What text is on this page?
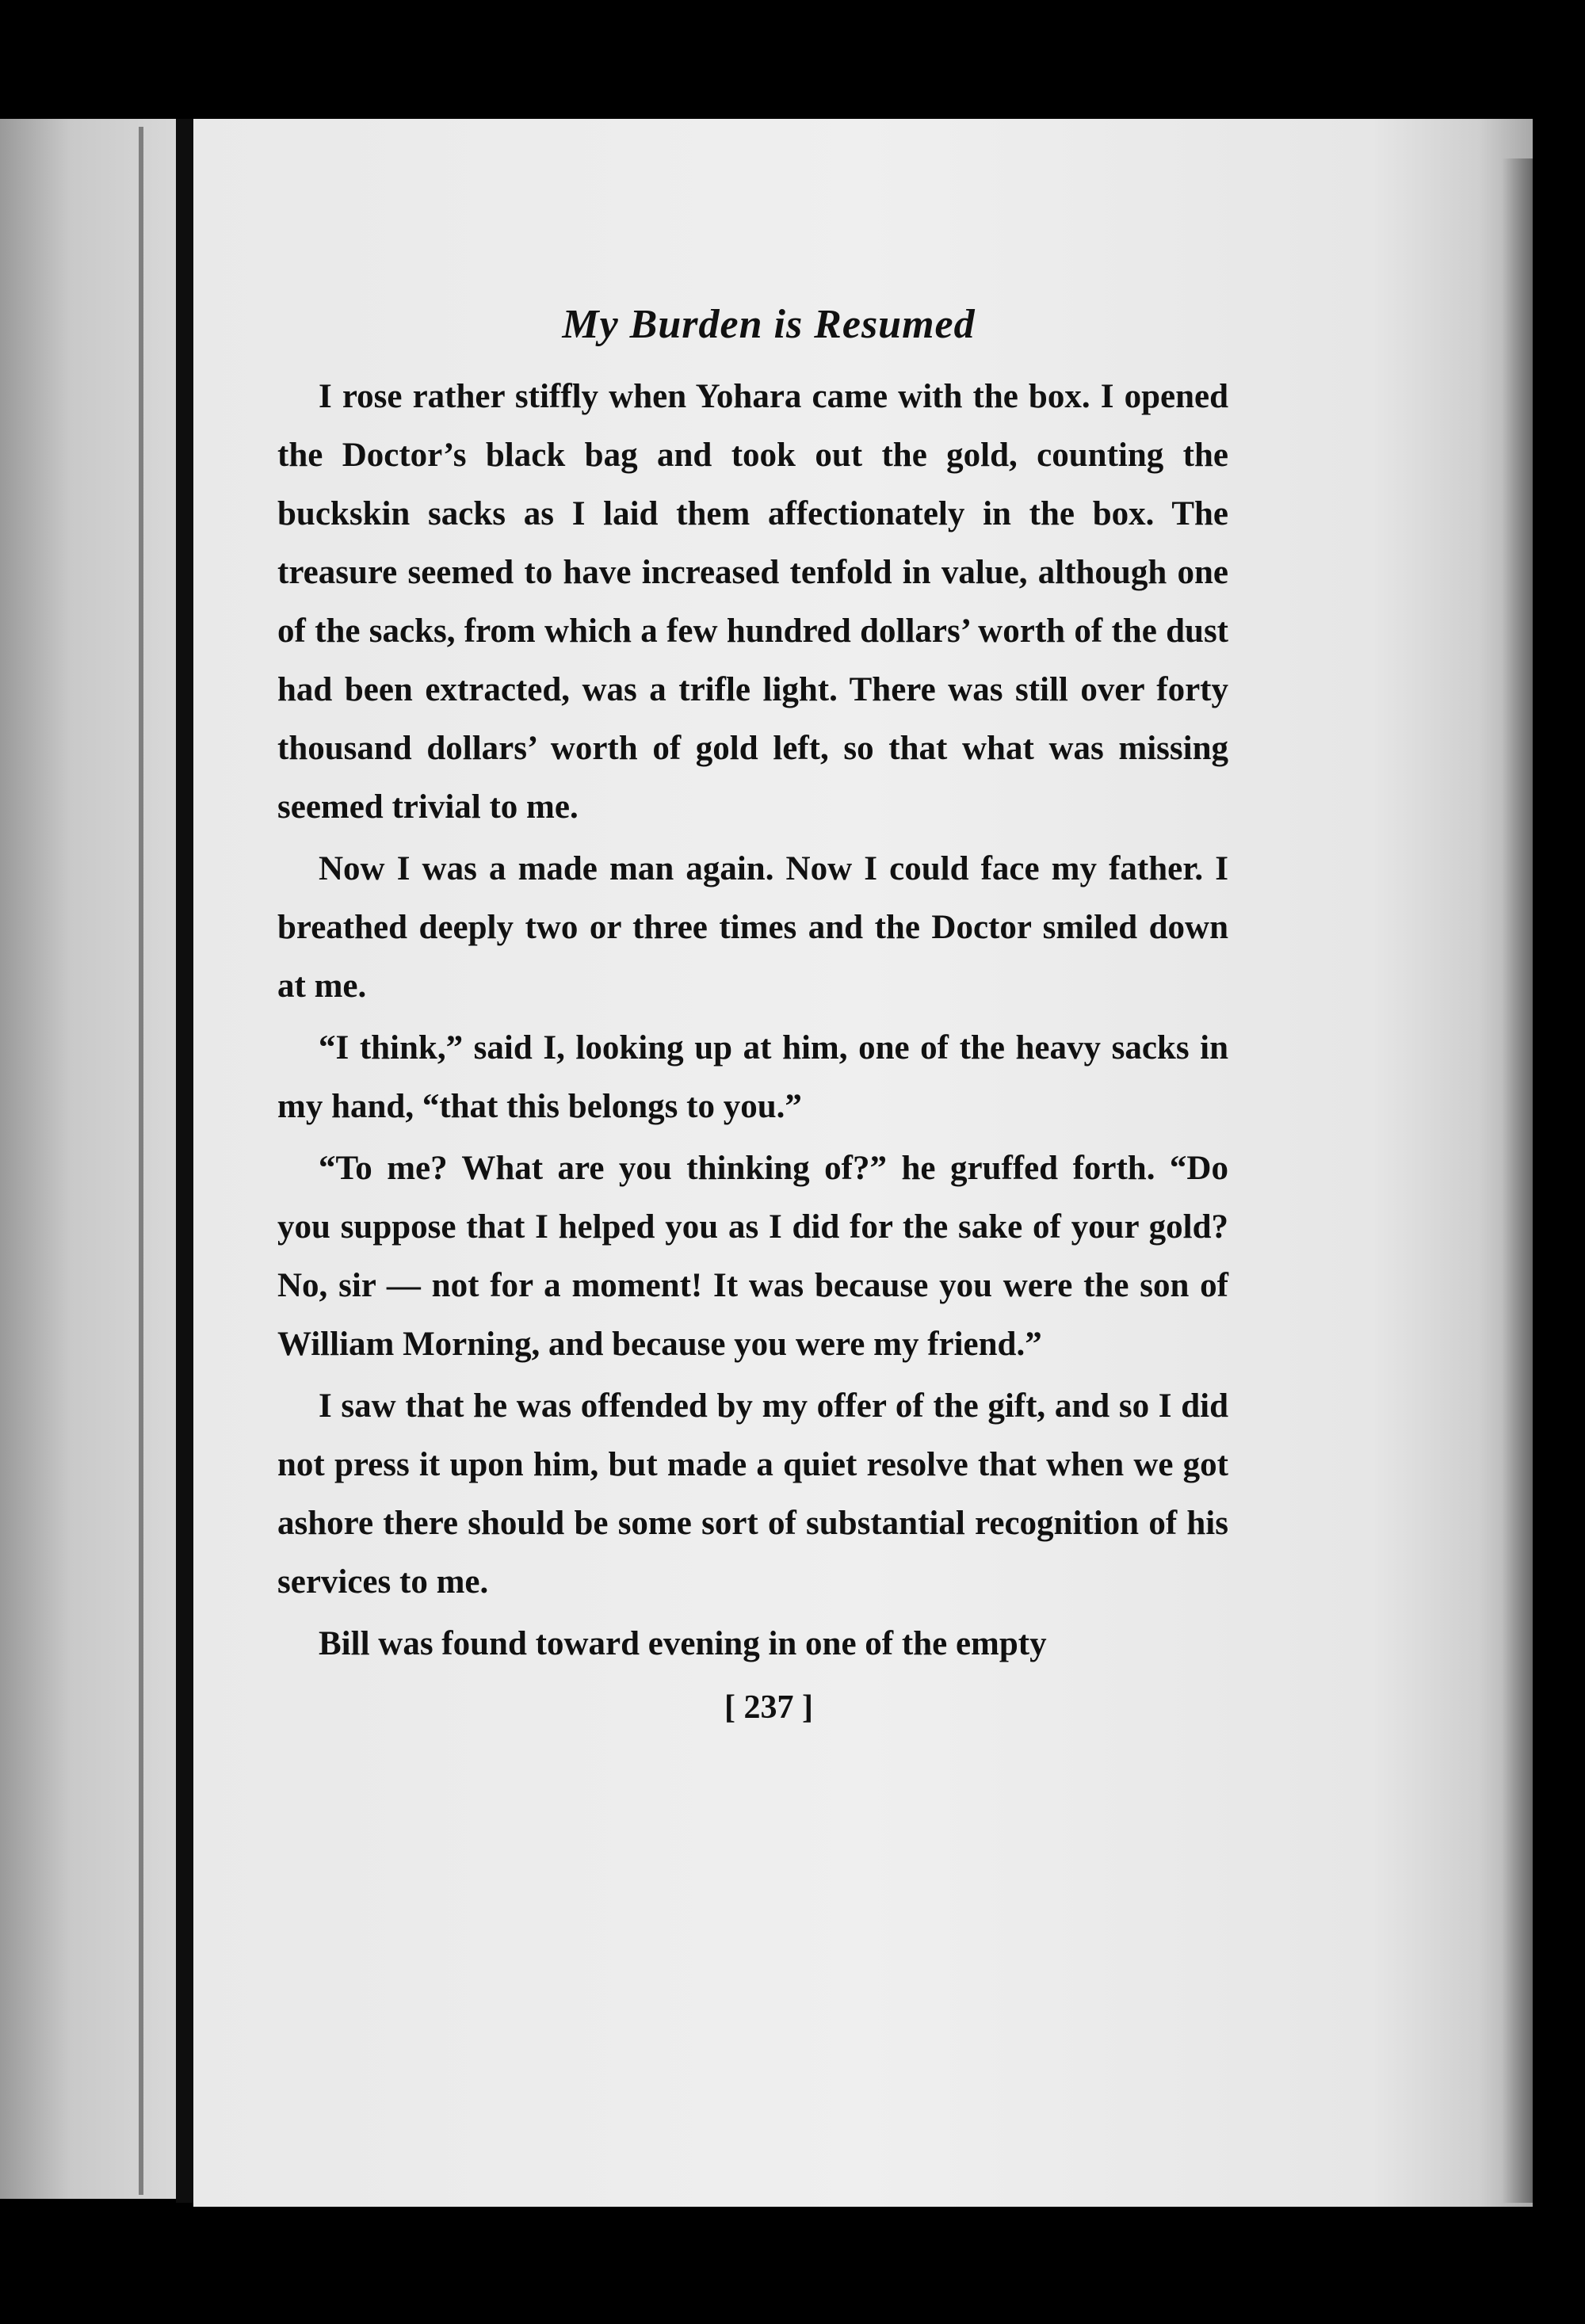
My Burden is Resumed

I rose rather stiffly when Yohara came with the box. I opened the Doctor’s black bag and took out the gold, counting the buckskin sacks as I laid them affectionately in the box. The treasure seemed to have increased tenfold in value, although one of the sacks, from which a few hundred dollars’ worth of the dust had been extracted, was a trifle light. There was still over forty thousand dollars’ worth of gold left, so that what was missing seemed trivial to me.

Now I was a made man again. Now I could face my father. I breathed deeply two or three times and the Doctor smiled down at me.

“I think,” said I, looking up at him, one of the heavy sacks in my hand, “that this belongs to you.”

“To me? What are you thinking of?” he gruffed forth. “Do you suppose that I helped you as I did for the sake of your gold? No, sir — not for a moment! It was because you were the son of William Morning, and because you were my friend.”

I saw that he was offended by my offer of the gift, and so I did not press it upon him, but made a quiet resolve that when we got ashore there should be some sort of substantial recognition of his services to me.

Bill was found toward evening in one of the empty

[ 237 ]
